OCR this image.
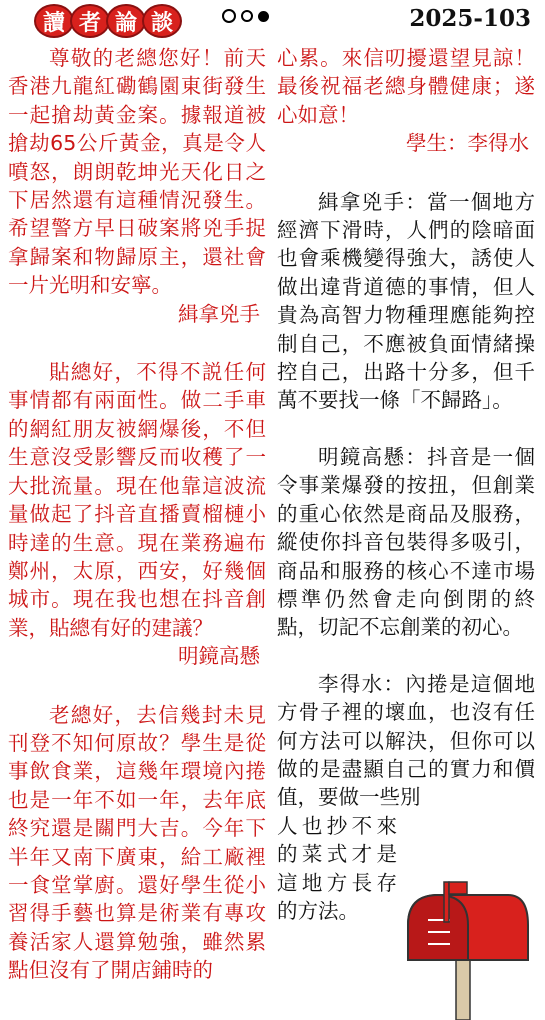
讀 者 論 談	2025-103

尊敬的老總您好！前天香港九龍紅磡鶴園東街發生一起搶劫黃金案。據報道被搶劫65公斤黃金，真是令人噴怒，朗朗乾坤光天化日之下居然還有這種情況發生。希望警方早日破案將兇手捉拿歸案和物歸原主，還社會一片光明和安寧。

緝拿兇手

貼總好，不得不説任何事情都有兩面性。做二手車的網紅朋友被網爆後，不但生意沒受影響反而收穫了一大批流量。現在他靠這波流量做起了抖音直播賣榴槤小時達的生意。現在業務遍布鄭州，太原，西安，好幾個城市。現在我也想在抖音創業，貼總有好的建議？

明鏡高懸

老總好，去信幾封未見刊登不知何原故？學生是從事飲食業，這幾年環境內捲也是一年不如一年，去年底終究還是關門大吉。今年下半年又南下廣東，給工廠裡一食堂掌廚。還好學生從小習得手藝也算是術業有專攻養活家人還算勉強，雖然累點但沒有了開店鋪時的

心累。來信叨擾還望見諒！最後祝福老總身體健康；遂心如意！

學生：李得水

緝拿兇手：當一個地方經濟下滑時，人們的陰暗面也會乘機變得強大，誘使人做出違背道德的事情，但人貴為高智力物種理應能夠控制自己，不應被負面情緒操控自己，出路十分多，但千萬不要找一條「不歸路」。

明鏡高懸：抖音是一個令事業爆發的按扭，但創業的重心依然是商品及服務，縱使你抖音包裝得多吸引，商品和服務的核心不達市場標準仍然會走向倒閉的終點，切記不忘創業的初心。

李得水：內捲是這個地方骨子裡的壞血，也沒有任何方法可以解決，但你可以做的是盡顯自己的實力和價值，要做一些別

人也抄不來的菜式才是這地方長存的方法。
